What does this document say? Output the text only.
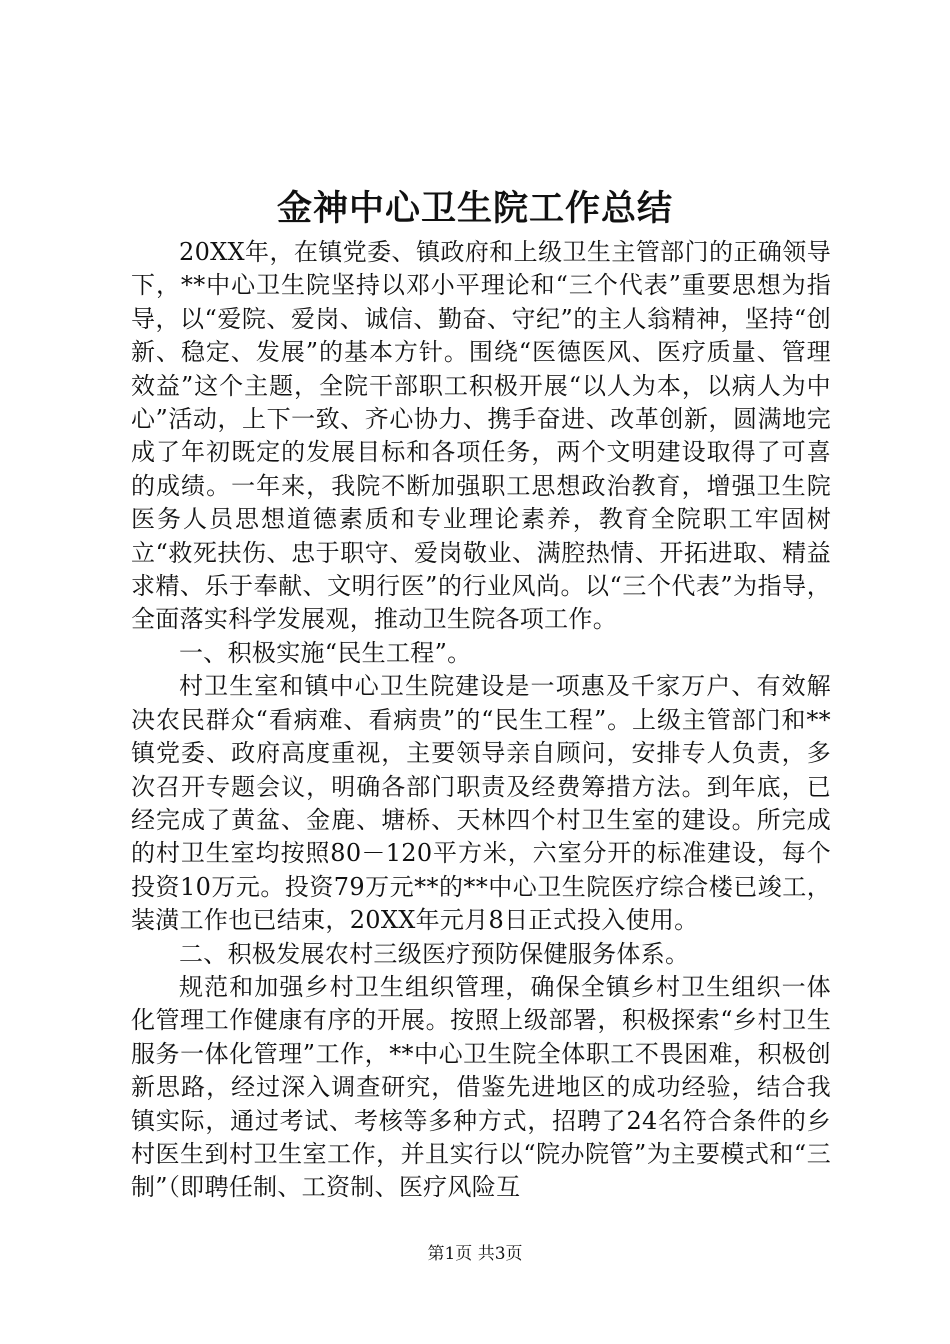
金神中心卫生院工作总结

20XX年，在镇党委、镇政府和上级卫生主管部门的正确领导下，**中心卫生院坚持以邓小平理论和“三个代表”重要思想为指导，以“爱院、爱岗、诚信、勤奋、守纪”的主人翁精神，坚持“创新、稳定、发展”的基本方针。围绕“医德医风、医疗质量、管理效益”这个主题，全院干部职工积极开展“以人为本，以病人为中心”活动，上下一致、齐心协力、携手奋进、改革创新，圆满地完成了年初既定的发展目标和各项任务，两个文明建设取得了可喜的成绩。一年来，我院不断加强职工思想政治教育，增强卫生院医务人员思想道德素质和专业理论素养，教育全院职工牢固树立“救死扶伤、忠于职守、爱岗敬业、满腔热情、开拓进取、精益求精、乐于奉献、文明行医”的行业风尚。以“三个代表”为指导，全面落实科学发展观，推动卫生院各项工作。

一、积极实施“民生工程”。

村卫生室和镇中心卫生院建设是一项惠及千家万户、有效解决农民群众“看病难、看病贵”的“民生工程”。上级主管部门和**镇党委、政府高度重视，主要领导亲自顾问，安排专人负责，多次召开专题会议，明确各部门职责及经费筹措方法。到年底，已经完成了黄盆、金鹿、塘桥、天林四个村卫生室的建设。所完成的村卫生室均按照80－120平方米，六室分开的标准建设，每个投资10万元。投资79万元**的**中心卫生院医疗综合楼已竣工，装潢工作也已结束，20XX年元月8日正式投入使用。

二、积极发展农村三级医疗预防保健服务体系。

规范和加强乡村卫生组织管理，确保全镇乡村卫生组织一体化管理工作健康有序的开展。按照上级部署，积极探索“乡村卫生服务一体化管理”工作，**中心卫生院全体职工不畏困难，积极创新思路，经过深入调查研究，借鉴先进地区的成功经验，结合我镇实际，通过考试、考核等多种方式，招聘了24名符合条件的乡村医生到村卫生室工作，并且实行以“院办院管”为主要模式和“三制”（即聘任制、工资制、医疗风险互

第1页 共3页
